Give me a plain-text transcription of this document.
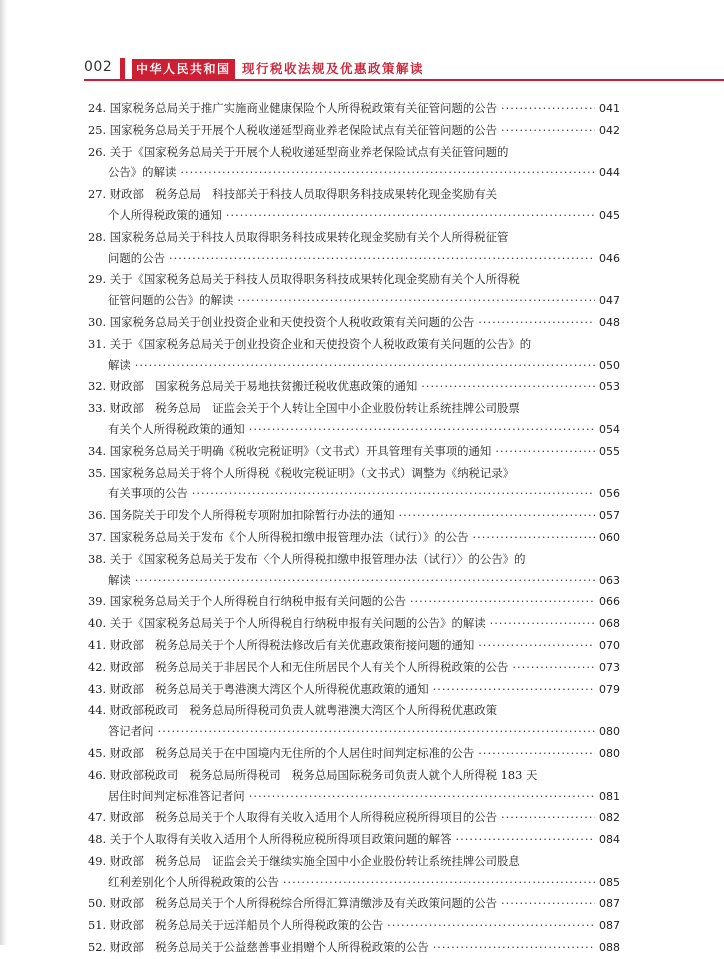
002	中华人民共和国 现行税收法规及优惠政策解读
24. 国家税务总局关于推广实施商业健康保险个人所得税政策有关征管问题的公告 ·····	041
25. 国家税务总局关于开展个人税收递延型商业养老保险试点有关征管问题的公告 ·····	042
26. 关于《国家税务总局关于开展个人税收递延型商业养老保险试点有关征管问题的
公告》的解读 ·····	044
27. 财政部　税务总局　科技部关于科技人员取得职务科技成果转化现金奖励有关
个人所得税政策的通知 ·····	045
28. 国家税务总局关于科技人员取得职务科技成果转化现金奖励有关个人所得税征管
问题的公告 ·····	046
29. 关于《国家税务总局关于科技人员取得职务科技成果转化现金奖励有关个人所得税
征管问题的公告》的解读 ·····	047
30. 国家税务总局关于创业投资企业和天使投资个人税收政策有关问题的公告 ·····	048
31. 关于《国家税务总局关于创业投资企业和天使投资个人税收政策有关问题的公告》的
解读 ·····	050
32. 财政部　国家税务总局关于易地扶贫搬迁税收优惠政策的通知 ·····	053
33. 财政部　税务总局　证监会关于个人转让全国中小企业股份转让系统挂牌公司股票
有关个人所得税政策的通知 ·····	054
34. 国家税务总局关于明确《税收完税证明》（文书式）开具管理有关事项的通知 ·····	055
35. 国家税务总局关于将个人所得税《税收完税证明》（文书式）调整为《纳税记录》
有关事项的公告 ·····	056
36. 国务院关于印发个人所得税专项附加扣除暂行办法的通知 ·····	057
37. 国家税务总局关于发布《个人所得税扣缴申报管理办法（试行）》的公告 ·····	060
38. 关于《国家税务总局关于发布〈个人所得税扣缴申报管理办法（试行）〉的公告》的
解读 ·····	063
39. 国家税务总局关于个人所得税自行纳税申报有关问题的公告 ·····	066
40. 关于《国家税务总局关于个人所得税自行纳税申报有关问题的公告》的解读 ·····	068
41. 财政部　税务总局关于个人所得税法修改后有关优惠政策衔接问题的通知 ·····	070
42. 财政部　税务总局关于非居民个人和无住所居民个人有关个人所得税政策的公告 ·····	073
43. 财政部　税务总局关于粤港澳大湾区个人所得税优惠政策的通知 ·····	079
44. 财政部税政司　税务总局所得税司负责人就粤港澳大湾区个人所得税优惠政策
答记者问 ·····	080
45. 财政部　税务总局关于在中国境内无住所的个人居住时间判定标准的公告 ·····	080
46. 财政部税政司　税务总局所得税司　税务总局国际税务司负责人就个人所得税 183 天
居住时间判定标准答记者问 ·····	081
47. 财政部　税务总局关于个人取得有关收入适用个人所得税应税所得项目的公告 ·····	082
48. 关于个人取得有关收入适用个人所得税应税所得项目政策问题的解答 ·····	084
49. 财政部　税务总局　证监会关于继续实施全国中小企业股份转让系统挂牌公司股息
红利差别化个人所得税政策的公告 ·····	085
50. 财政部　税务总局关于个人所得税综合所得汇算清缴涉及有关政策问题的公告 ·····	087
51. 财政部　税务总局关于远洋船员个人所得税政策的公告 ·····	087
52. 财政部　税务总局关于公益慈善事业捐赠个人所得税政策的公告 ·····	088
